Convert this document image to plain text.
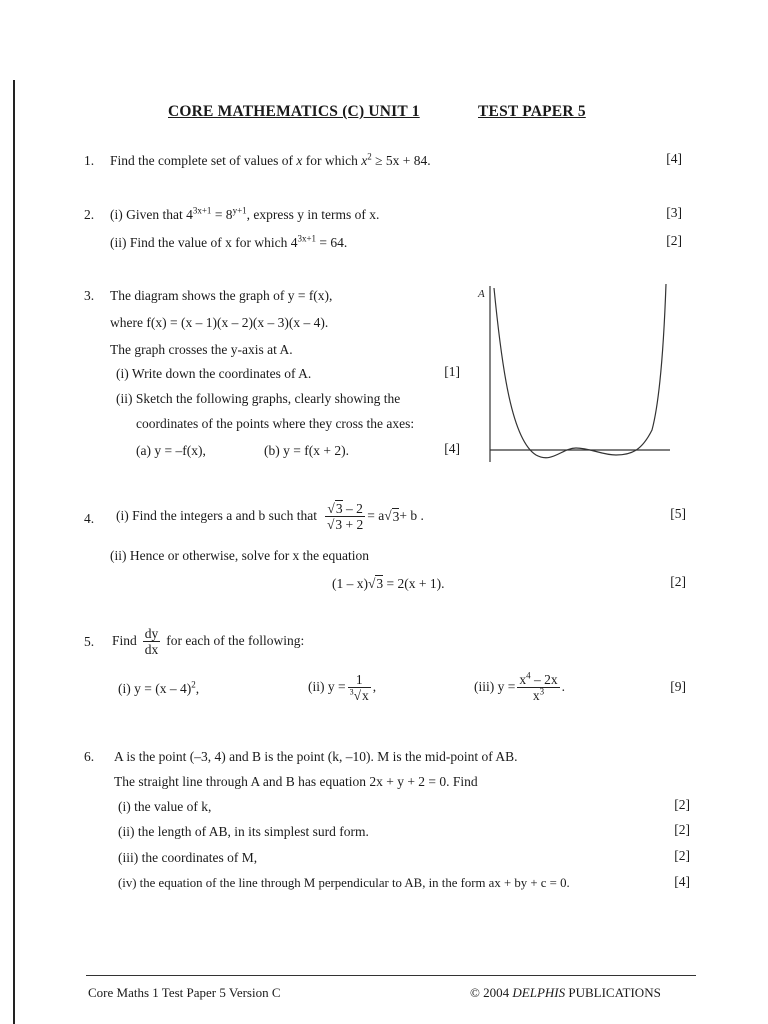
CORE MATHEMATICS (C) UNIT 1	TEST PAPER 5
1. Find the complete set of values of x for which $x^2 \ge 5x + 84$.	[4]
2. (i) Given that $4^{3x+1} = 8^{y+1}$, express y in terms of x.	[3]
(ii) Find the value of x for which $4^{3x+1} = 64$.	[2]
3. The diagram shows the graph of y = f(x),
where f(x) = (x – 1)(x – 2)(x – 3)(x – 4).
The graph crosses the y-axis at A.
(i) Write down the coordinates of A.	[1]
(ii) Sketch the following graphs, clearly showing the
coordinates of the points where they cross the axes:
(a) y = –f(x),	(b) y = f(x + 2).	[4]
A
4. (i) Find the integers a and b such that $\frac{√3 - 2}{√3 + 2} = a$ √ 3 + b .	[5]
(ii) Hence or otherwise, solve for x the equation
(1 – x)√3 = 2(x + 1).	[2]
5. Find $\frac{dy}{dx}$ for each of the following:
(i) y = (x – 4)$^2$,	(ii) $y = \frac{1}{^3√x}$ ,	(iii) $y = \frac{x^4 - 2x}{x^3}$ .	[9]
6. A is the point (–3, 4) and B is the point (k, –10). M is the mid-point of AB.
The straight line through A and B has equation 2x + y + 2 = 0. Find
(i) the value of k,	[2]
(ii) the length of AB, in its simplest surd form.	[2]
(iii) the coordinates of M,	[2]
(iv) the equation of the line through M perpendicular to AB, in the form ax + by + c = 0.	[4]
Core Maths 1 Test Paper 5 Version C	© 2004 DELPHIS PUBLICATIONS
